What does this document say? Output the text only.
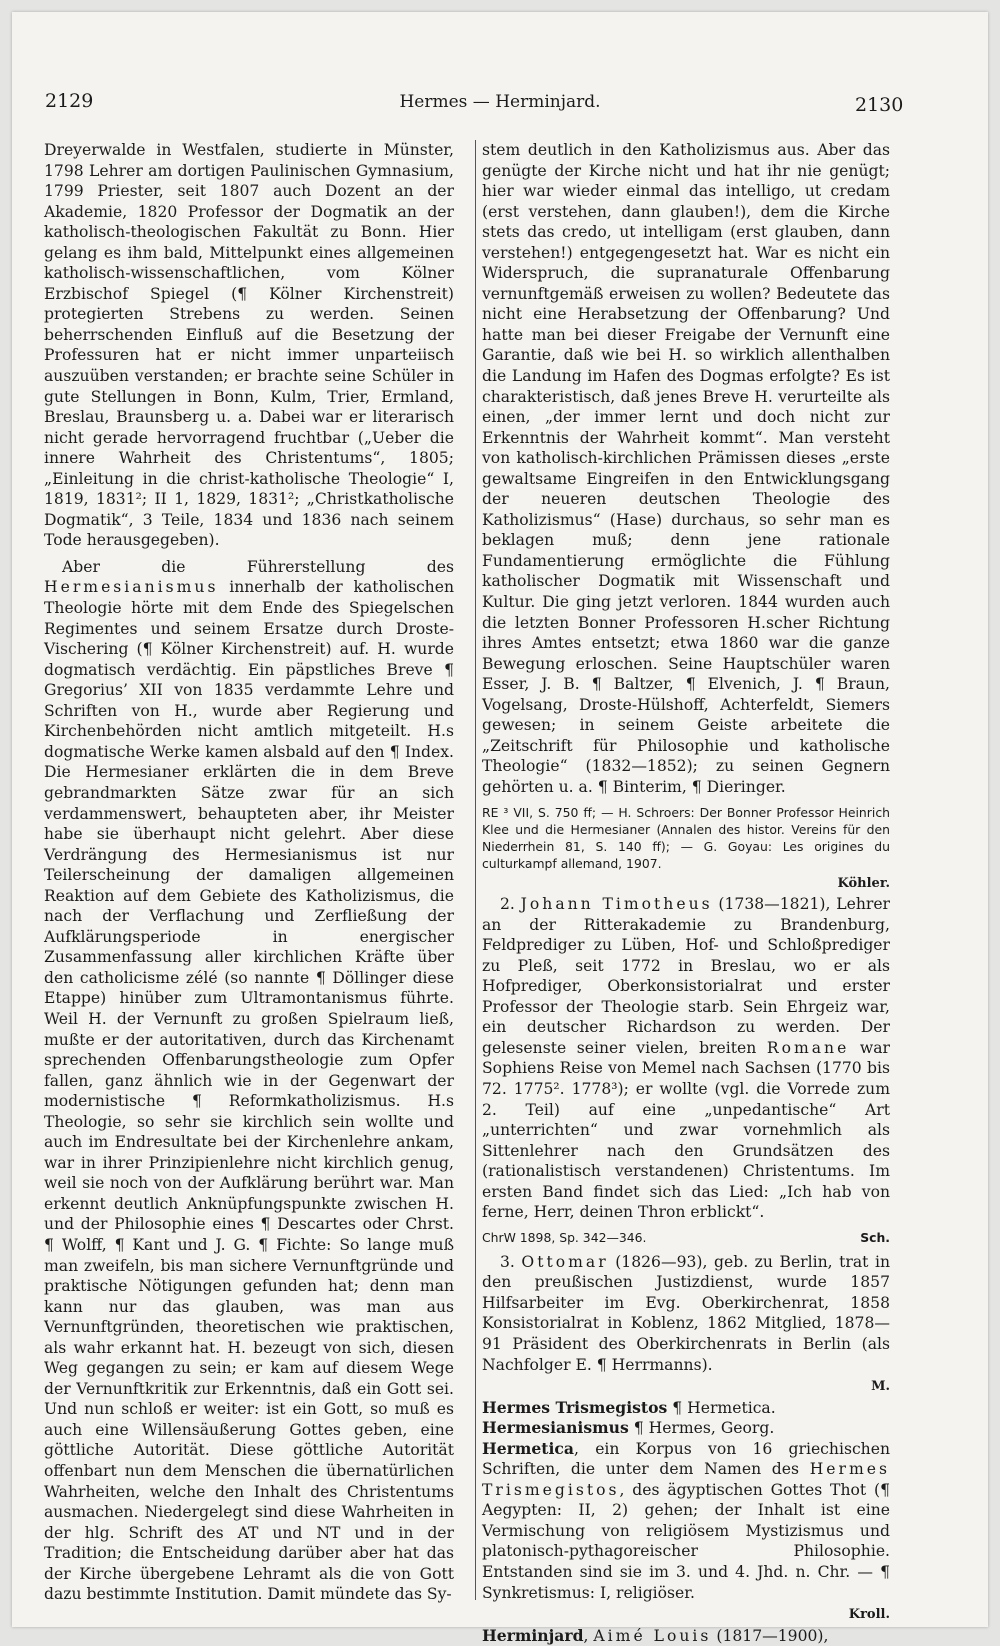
2129	Hermes — Herminjard.	2130

Dreyerwalde in Westfalen, studierte in Münster, 1798 Lehrer am dortigen Paulinischen Gymnasium, 1799 Priester, seit 1807 auch Dozent an der Akademie, 1820 Professor der Dogmatik an der katholisch-theologischen Fakultät zu Bonn. Hier gelang es ihm bald, Mittelpunkt eines allgemeinen katholisch-wissenschaftlichen, vom Kölner Erzbischof Spiegel (¶ Kölner Kirchenstreit) protegierten Strebens zu werden. Seinen beherrschenden Einfluß auf die Besetzung der Professuren hat er nicht immer unparteiisch auszuüben verstanden; er brachte seine Schüler in gute Stellungen in Bonn, Kulm, Trier, Ermland, Breslau, Braunsberg u. a. Dabei war er literarisch nicht gerade hervorragend fruchtbar („Ueber die innere Wahrheit des Christentums“, 1805; „Einleitung in die christ-katholische Theologie“ I, 1819, 1831²; II 1, 1829, 1831²; „Christkatholische Dogmatik“, 3 Teile, 1834 und 1836 nach seinem Tode herausgegeben).

Aber die Führerstellung des Hermesianismus innerhalb der katholischen Theologie hörte mit dem Ende des Spiegelschen Regimentes und seinem Ersatze durch Droste-Vischering (¶ Kölner Kirchenstreit) auf. H. wurde dogmatisch verdächtig. Ein päpstliches Breve ¶ Gregorius’ XII von 1835 verdammte Lehre und Schriften von H., wurde aber Regierung und Kirchenbehörden nicht amtlich mitgeteilt. H.s dogmatische Werke kamen alsbald auf den ¶ Index. Die Hermesianer erklärten die in dem Breve gebrandmarkten Sätze zwar für an sich verdammenswert, behaupteten aber, ihr Meister habe sie überhaupt nicht gelehrt. Aber diese Verdrängung des Hermesianismus ist nur Teilerscheinung der damaligen allgemeinen Reaktion auf dem Gebiete des Katholizismus, die nach der Verflachung und Zerfließung der Aufklärungsperiode in energischer Zusammenfassung aller kirchlichen Kräfte über den catholicisme zélé (so nannte ¶ Döllinger diese Etappe) hinüber zum Ultramontanismus führte. Weil H. der Vernunft zu großen Spielraum ließ, mußte er der autoritativen, durch das Kirchenamt sprechenden Offenbarungstheologie zum Opfer fallen, ganz ähnlich wie in der Gegenwart der modernistische ¶ Reformkatholizismus. H.s Theologie, so sehr sie kirchlich sein wollte und auch im Endresultate bei der Kirchenlehre ankam, war in ihrer Prinzipienlehre nicht kirchlich genug, weil sie noch von der Aufklärung berührt war. Man erkennt deutlich Anknüpfungspunkte zwischen H. und der Philosophie eines ¶ Descartes oder Chrst. ¶ Wolff, ¶ Kant und J. G. ¶ Fichte: So lange muß man zweifeln, bis man sichere Vernunftgründe und praktische Nötigungen gefunden hat; denn man kann nur das glauben, was man aus Vernunftgründen, theoretischen wie praktischen, als wahr erkannt hat. H. bezeugt von sich, diesen Weg gegangen zu sein; er kam auf diesem Wege der Vernunftkritik zur Erkenntnis, daß ein Gott sei. Und nun schloß er weiter: ist ein Gott, so muß es auch eine Willensäußerung Gottes geben, eine göttliche Autorität. Diese göttliche Autorität offenbart nun dem Menschen die übernatürlichen Wahrheiten, welche den Inhalt des Christentums ausmachen. Niedergelegt sind diese Wahrheiten in der hlg. Schrift des AT und NT und in der Tradition; die Entscheidung darüber aber hat das der Kirche übergebene Lehramt als die von Gott dazu bestimmte Institution. Damit mündete das Sy-

stem deutlich in den Katholizismus aus. Aber das genügte der Kirche nicht und hat ihr nie genügt; hier war wieder einmal das intelligo, ut credam (erst verstehen, dann glauben!), dem die Kirche stets das credo, ut intelligam (erst glauben, dann verstehen!) entgegengesetzt hat. War es nicht ein Widerspruch, die supranaturale Offenbarung vernunftgemäß erweisen zu wollen? Bedeutete das nicht eine Herabsetzung der Offenbarung? Und hatte man bei dieser Freigabe der Vernunft eine Garantie, daß wie bei H. so wirklich allenthalben die Landung im Hafen des Dogmas erfolgte? Es ist charakteristisch, daß jenes Breve H. verurteilte als einen, „der immer lernt und doch nicht zur Erkenntnis der Wahrheit kommt“. Man versteht von katholisch-kirchlichen Prämissen dieses „erste gewaltsame Eingreifen in den Entwicklungsgang der neueren deutschen Theologie des Katholizismus“ (Hase) durchaus, so sehr man es beklagen muß; denn jene rationale Fundamentierung ermöglichte die Fühlung katholischer Dogmatik mit Wissenschaft und Kultur. Die ging jetzt verloren. 1844 wurden auch die letzten Bonner Professoren H.scher Richtung ihres Amtes entsetzt; etwa 1860 war die ganze Bewegung erloschen. Seine Hauptschüler waren Esser, J. B. ¶ Baltzer, ¶ Elvenich, J. ¶ Braun, Vogelsang, Droste-Hülshoff, Achterfeldt, Siemers gewesen; in seinem Geiste arbeitete die „Zeitschrift für Philosophie und katholische Theologie“ (1832—1852); zu seinen Gegnern gehörten u. a. ¶ Binterim, ¶ Dieringer.

RE ³ VII, S. 750 ff; — H. Schroers: Der Bonner Professor Heinrich Klee und die Hermesianer (Annalen des histor. Vereins für den Niederrhein 81, S. 140 ff); — G. Goyau: Les origines du culturkampf allemand, 1907.

Köhler.

2. Johann Timotheus (1738—1821), Lehrer an der Ritterakademie zu Brandenburg, Feldprediger zu Lüben, Hof- und Schloßprediger zu Pleß, seit 1772 in Breslau, wo er als Hofprediger, Oberkonsistorialrat und erster Professor der Theologie starb. Sein Ehrgeiz war, ein deutscher Richardson zu werden. Der gelesenste seiner vielen, breiten Romane war Sophiens Reise von Memel nach Sachsen (1770 bis 72. 1775². 1778³); er wollte (vgl. die Vorrede zum 2. Teil) auf eine „unpedantische“ Art „unterrichten“ und zwar vornehmlich als Sittenlehrer nach den Grundsätzen des (rationalistisch verstandenen) Christentums. Im ersten Band findet sich das Lied: „Ich hab von ferne, Herr, deinen Thron erblickt“.

ChrW 1898, Sp. 342—346.	Sch.

3. Ottomar (1826—93), geb. zu Berlin, trat in den preußischen Justizdienst, wurde 1857 Hilfsarbeiter im Evg. Oberkirchenrat, 1858 Konsistorialrat in Koblenz, 1862 Mitglied, 1878—91 Präsident des Oberkirchenrats in Berlin (als Nachfolger E. ¶ Herrmanns).

M.

Hermes Trismegistos ¶ Hermetica.

Hermesianismus ¶ Hermes, Georg.

Hermetica, ein Korpus von 16 griechischen Schriften, die unter dem Namen des Hermes Trismegistos, des ägyptischen Gottes Thot (¶ Aegypten: II, 2) gehen; der Inhalt ist eine Vermischung von religiösem Mystizismus und platonisch-pythagoreischer Philosophie. Entstanden sind sie im 3. und 4. Jhd. n. Chr. — ¶ Synkretismus: I, religiöser.

Kroll.

Herminjard, Aimé Louis (1817—1900),
